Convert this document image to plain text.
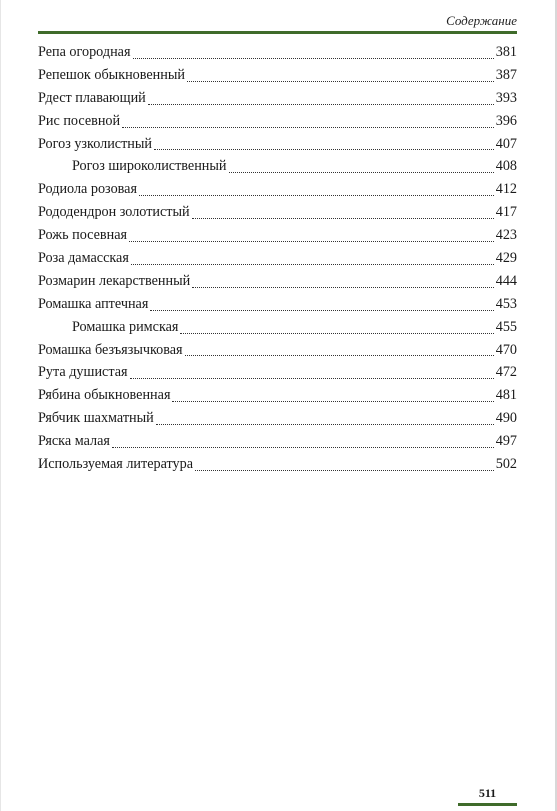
Содержание
Репа огородная	381
Репешок обыкновенный	387
Рдест плавающий	393
Рис посевной	396
Рогоз узколистный	407
Рогоз широколиственный	408
Родиола розовая	412
Рододендрон золотистый	417
Рожь посевная	423
Роза дамасская	429
Розмарин лекарственный	444
Ромашка аптечная	453
Ромашка римская	455
Ромашка безъязычковая	470
Рута душистая	472
Рябина обыкновенная	481
Рябчик шахматный	490
Ряска малая	497
Используемая литература	502
511
